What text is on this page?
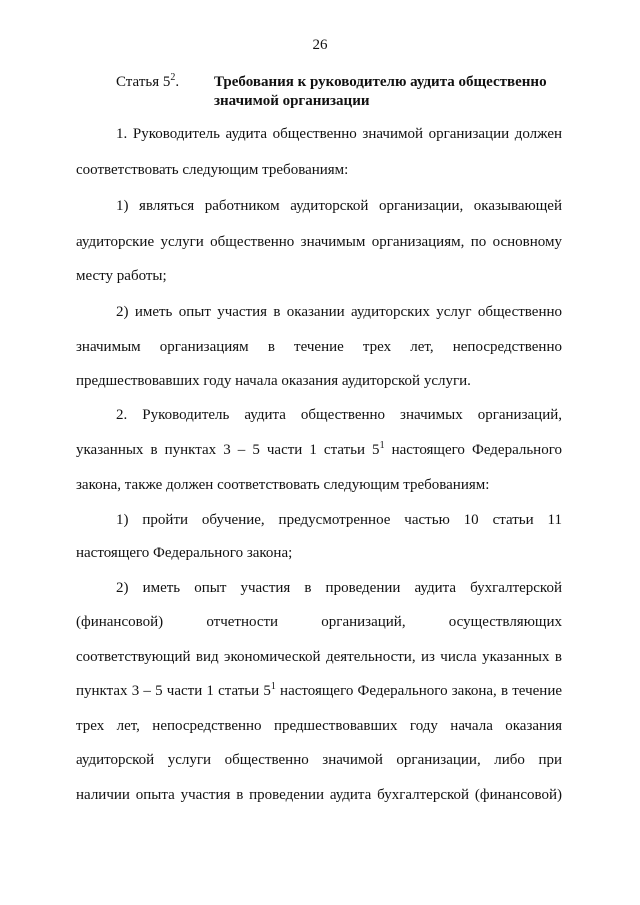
26
Статья $5^2$. Требования к руководителю аудита общественно значимой организации
1. Руководитель аудита общественно значимой организации должен
соответствовать следующим требованиям:
1) являться работником аудиторской организации, оказывающей
аудиторские услуги общественно значимым организациям, по основному
месту работы;
2) иметь опыт участия в оказании аудиторских услуг общественно
значимым организациям в течение трех лет, непосредственно
предшествовавших году начала оказания аудиторской услуги.
2. Руководитель аудита общественно значимых организаций,
указанных в пунктах 3 – 5 части 1 статьи $5^1$ настоящего Федерального
закона, также должен соответствовать следующим требованиям:
1) пройти обучение, предусмотренное частью 10 статьи 11
настоящего Федерального закона;
2) иметь опыт участия в проведении аудита бухгалтерской
(финансовой) отчетности организаций, осуществляющих
соответствующий вид экономической деятельности, из числа указанных в
пунктах 3 – 5 части 1 статьи $5^1$ настоящего Федерального закона, в течение
трех лет, непосредственно предшествовавших году начала оказания
аудиторской услуги общественно значимой организации, либо при
наличии опыта участия в проведении аудита бухгалтерской (финансовой)
